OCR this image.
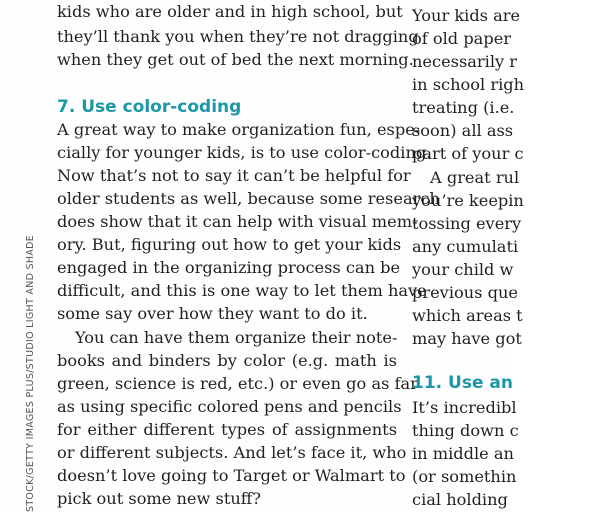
STOCK/GETTY IMAGES PLUS/STUDIO LIGHT AND SHADE
kids who are older and in high school, but
they’ll thank you when they’re not dragging
when they get out of bed the next morning.
7. Use color-coding
A great way to make organization fun, espe-
cially for younger kids, is to use color-coding.
Now that’s not to say it can’t be helpful for
older students as well, because some research
does show that it can help with visual mem-
ory. But, figuring out how to get your kids
engaged in the organizing process can be
difficult, and this is one way to let them have
some say over how they want to do it.
You can have them organize their note-
books and binders by color (e.g. math is
green, science is red, etc.) or even go as far
as using specific colored pens and pencils
for either different types of assignments
or different subjects. And let’s face it, who
doesn’t love going to Target or Walmart to
pick out some new stuff?
Your kids are
of old paper
necessarily r
in school righ
treating (i.e.
soon) all ass
part of your c
A great rul
you’re keepin
tossing every
any cumulati
your child w
previous que
which areas t
may have got
11. Use an
It’s incredibl
thing down c
in middle an
(or somethin
cial holding
